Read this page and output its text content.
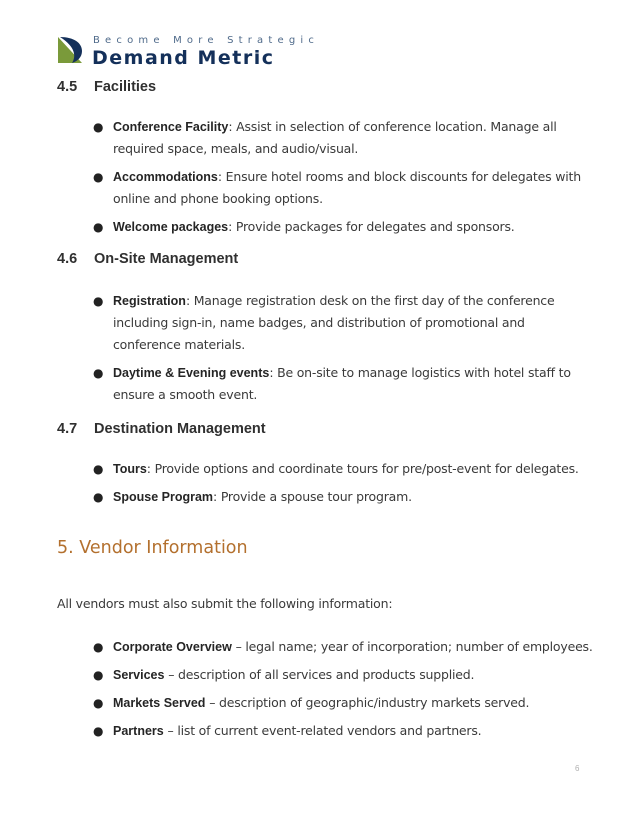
Become More Strategic
Demand Metric
4.5	Facilities
● Conference Facility: Assist in selection of conference location. Manage all required space, meals, and audio/visual.
● Accommodations: Ensure hotel rooms and block discounts for delegates with online and phone booking options.
● Welcome packages: Provide packages for delegates and sponsors.
4.6	On-Site Management
● Registration: Manage registration desk on the first day of the conference including sign-in, name badges, and distribution of promotional and conference materials.
● Daytime & Evening events: Be on-site to manage logistics with hotel staff to ensure a smooth event.
4.7	Destination Management
● Tours: Provide options and coordinate tours for pre/post-event for delegates.
● Spouse Program: Provide a spouse tour program.
5. Vendor Information
All vendors must also submit the following information:
● Corporate Overview – legal name; year of incorporation; number of employees.
● Services – description of all services and products supplied.
● Markets Served – description of geographic/industry markets served.
● Partners – list of current event-related vendors and partners.
6
